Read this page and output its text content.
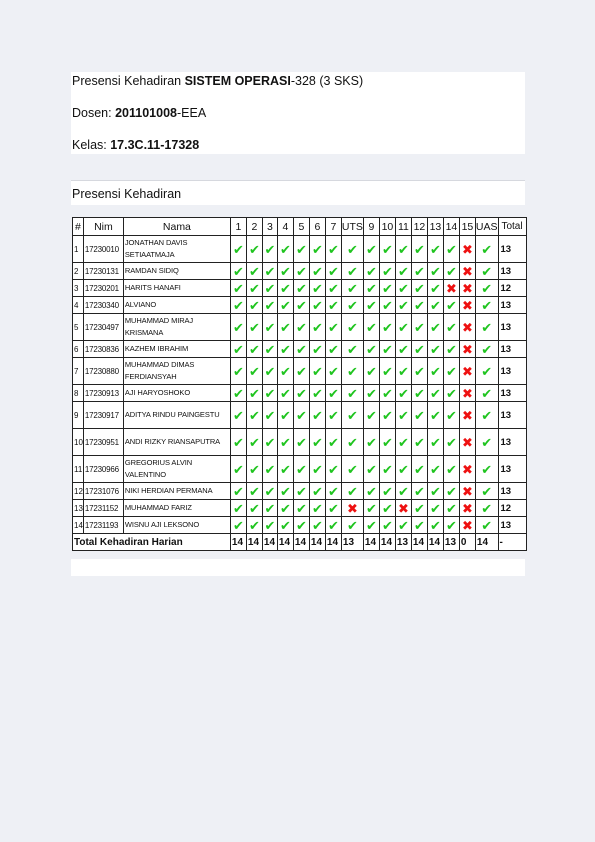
Presensi Kehadiran SISTEM OPERASI-328 (3 SKS)
Dosen: 201101008-EEA
Kelas: 17.3C.11-17328
Presensi Kehadiran
#	Nim	Nama	1	2	3	4	5	6	7	UTS	9	10	11	12	13	14	15	UAS	Total
1	17230010	JONATHAN DAVIS SETIAATMAJA	✔	✔	✔	✔	✔	✔	✔	✔	✔	✔	✔	✔	✔	✔	✖	✔	13
2	17230131	RAMDAN SIDIQ	✔	✔	✔	✔	✔	✔	✔	✔	✔	✔	✔	✔	✔	✔	✖	✔	13
3	17230201	HARITS HANAFI	✔	✔	✔	✔	✔	✔	✔	✔	✔	✔	✔	✔	✔	✖	✖	✔	12
4	17230340	ALVIANO	✔	✔	✔	✔	✔	✔	✔	✔	✔	✔	✔	✔	✔	✔	✖	✔	13
5	17230497	MUHAMMAD MIRAJ KRISMANA	✔	✔	✔	✔	✔	✔	✔	✔	✔	✔	✔	✔	✔	✔	✖	✔	13
6	17230836	KAZHEM IBRAHIM	✔	✔	✔	✔	✔	✔	✔	✔	✔	✔	✔	✔	✔	✔	✖	✔	13
7	17230880	MUHAMMAD DIMAS FERDIANSYAH	✔	✔	✔	✔	✔	✔	✔	✔	✔	✔	✔	✔	✔	✔	✖	✔	13
8	17230913	AJI HARYOSHOKO	✔	✔	✔	✔	✔	✔	✔	✔	✔	✔	✔	✔	✔	✔	✖	✔	13
9	17230917	ADITYA RINDU PAINGESTU	✔	✔	✔	✔	✔	✔	✔	✔	✔	✔	✔	✔	✔	✔	✖	✔	13
10	17230951	ANDI RIZKY RIANSAPUTRA	✔	✔	✔	✔	✔	✔	✔	✔	✔	✔	✔	✔	✔	✔	✖	✔	13
11	17230966	GREGORIUS ALVIN VALENTINO	✔	✔	✔	✔	✔	✔	✔	✔	✔	✔	✔	✔	✔	✔	✖	✔	13
12	17231076	NIKI HERDIAN PERMANA	✔	✔	✔	✔	✔	✔	✔	✔	✔	✔	✔	✔	✔	✔	✖	✔	13
13	17231152	MUHAMMAD FARIZ	✔	✔	✔	✔	✔	✔	✔	✖	✔	✔	✖	✔	✔	✔	✖	✔	12
14	17231193	WISNU AJI LEKSONO	✔	✔	✔	✔	✔	✔	✔	✔	✔	✔	✔	✔	✔	✔	✖	✔	13
Total Kehadiran Harian			14	14	14	14	14	14	14	13	14	14	13	14	14	13	0	14	-
